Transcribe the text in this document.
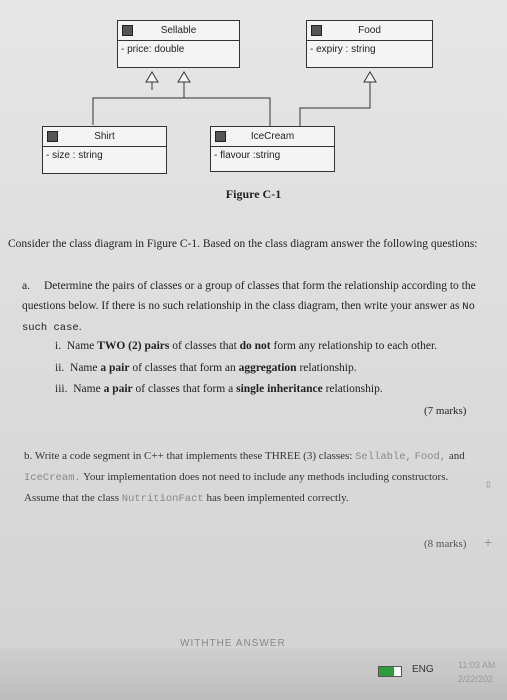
Sellable
- price: double
Food
- expiry : string
Shirt
- size : string
IceCream
- flavour :string
Figure C-1
Consider the class diagram in Figure C-1. Based on the class diagram answer the following questions:
a. Determine the pairs of classes or a group of classes that form the relationship according to the questions below. If there is no such relationship in the class diagram, then write your answer as No such case.
i. Name TWO (2) pairs of classes that do not form any relationship to each other.
ii. Name a pair of classes that form an aggregation relationship.
iii. Name a pair of classes that form a single inheritance relationship.
(7 marks)
b. Write a code segment in C++ that implements these THREE (3) classes: Sellable, Food, and IceCream. Your implementation does not need to include any methods including constructors. Assume that the class NutritionFact has been implemented correctly.
(8 marks) +
⇳
WITHTHE ANSWER
ENG	11:03 AM
2/22/202
